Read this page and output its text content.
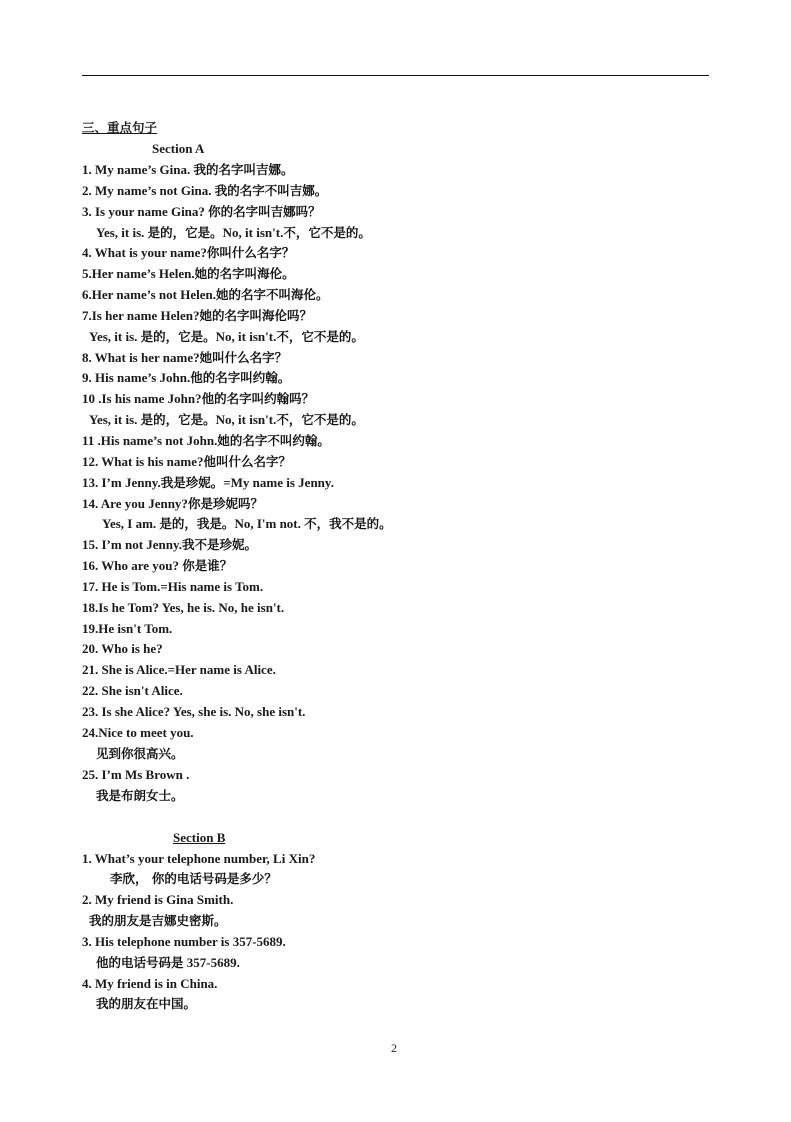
三、重点句子
Section A
1. My name’s Gina. 我的名字叫吉娜。
2. My name’s not Gina. 我的名字不叫吉娜。
3. Is your name Gina? 你的名字叫吉娜吗？
Yes, it is. 是的，它是。No, it isn't.不，它不是的。
4. What is your name?你叫什么名字？
5.Her name’s Helen.她的名字叫海伦。
6.Her name’s not Helen.她的名字不叫海伦。
7.Is her name Helen?她的名字叫海伦吗？
Yes, it is. 是的，它是。No, it isn't.不，它不是的。
8. What is her name?她叫什么名字？
9. His name’s John.他的名字叫约翰。
10 .Is his name John?他的名字叫约翰吗？
Yes, it is. 是的，它是。No, it isn't.不，它不是的。
11 .His name’s not John.她的名字不叫约翰。
12. What is his name?他叫什么名字？
13. I’m Jenny.我是珍妮。=My name is Jenny.
14. Are you Jenny?你是珍妮吗？
Yes, I am. 是的，我是。No, I'm not. 不，我不是的。
15. I’m not Jenny.我不是珍妮。
16. Who are you? 你是谁？
17. He is Tom.=His name is Tom.
18.Is he Tom? Yes, he is. No, he isn't.
19.He isn't Tom.
20. Who is he?
21. She is Alice.=Her name is Alice.
22. She isn't Alice.
23. Is she Alice? Yes, she is. No, she isn't.
24.Nice to meet you.
见到你很高兴。
25. I’m Ms Brown .
我是布朗女士。
Section B
1. What’s your telephone number, Li Xin?
李欣， 你的电话号码是多少？
2. My friend is Gina Smith.
我的朋友是吉娜史密斯。
3. His telephone number is 357-5689.
他的电话号码是 357-5689.
4. My friend is in China.
我的朋友在中国。
2
